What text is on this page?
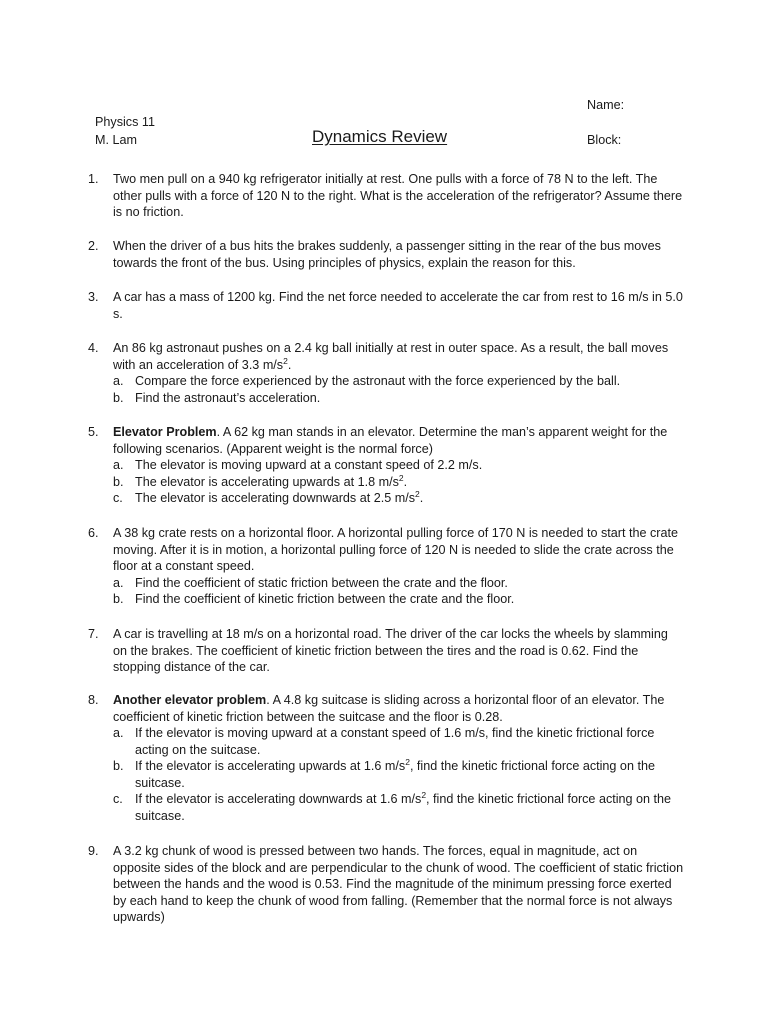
Name:
Physics 11
M. Lam	Dynamics Review	Block:
1.	Two men pull on a 940 kg refrigerator initially at rest. One pulls with a force of 78 N to the left. The other pulls with a force of 120 N to the right. What is the acceleration of the refrigerator? Assume there is no friction.
2.	When the driver of a bus hits the brakes suddenly, a passenger sitting in the rear of the bus moves towards the front of the bus. Using principles of physics, explain the reason for this.
3.	A car has a mass of 1200 kg. Find the net force needed to accelerate the car from rest to 16 m/s in 5.0 s.
4.	An 86 kg astronaut pushes on a 2.4 kg ball initially at rest in outer space. As a result, the ball moves with an acceleration of 3.3 $m/s^2$.
a. Compare the force experienced by the astronaut with the force experienced by the ball.
b. Find the astronaut’s acceleration.
5.	Elevator Problem. A 62 kg man stands in an elevator. Determine the man’s apparent weight for the following scenarios. (Apparent weight is the normal force)
a. The elevator is moving upward at a constant speed of 2.2 m/s.
b. The elevator is accelerating upwards at 1.8 $m/s^2$.
c. The elevator is accelerating downwards at 2.5 $m/s^2$.
6.	A 38 kg crate rests on a horizontal floor. A horizontal pulling force of 170 N is needed to start the crate moving. After it is in motion, a horizontal pulling force of 120 N is needed to slide the crate across the floor at a constant speed.
a. Find the coefficient of static friction between the crate and the floor.
b. Find the coefficient of kinetic friction between the crate and the floor.
7.	A car is travelling at 18 m/s on a horizontal road. The driver of the car locks the wheels by slamming on the brakes. The coefficient of kinetic friction between the tires and the road is 0.62. Find the stopping distance of the car.
8.	Another elevator problem. A 4.8 kg suitcase is sliding across a horizontal floor of an elevator. The coefficient of kinetic friction between the suitcase and the floor is 0.28.
a. If the elevator is moving upward at a constant speed of 1.6 m/s, find the kinetic frictional force acting on the suitcase.
b. If the elevator is accelerating upwards at 1.6 $m/s^2$, find the kinetic frictional force acting on the suitcase.
c. If the elevator is accelerating downwards at 1.6 $m/s^2$, find the kinetic frictional force acting on the suitcase.
9.	A 3.2 kg chunk of wood is pressed between two hands. The forces, equal in magnitude, act on opposite sides of the block and are perpendicular to the chunk of wood. The coefficient of static friction between the hands and the wood is 0.53. Find the magnitude of the minimum pressing force exerted by each hand to keep the chunk of wood from falling. (Remember that the normal force is not always upwards)
